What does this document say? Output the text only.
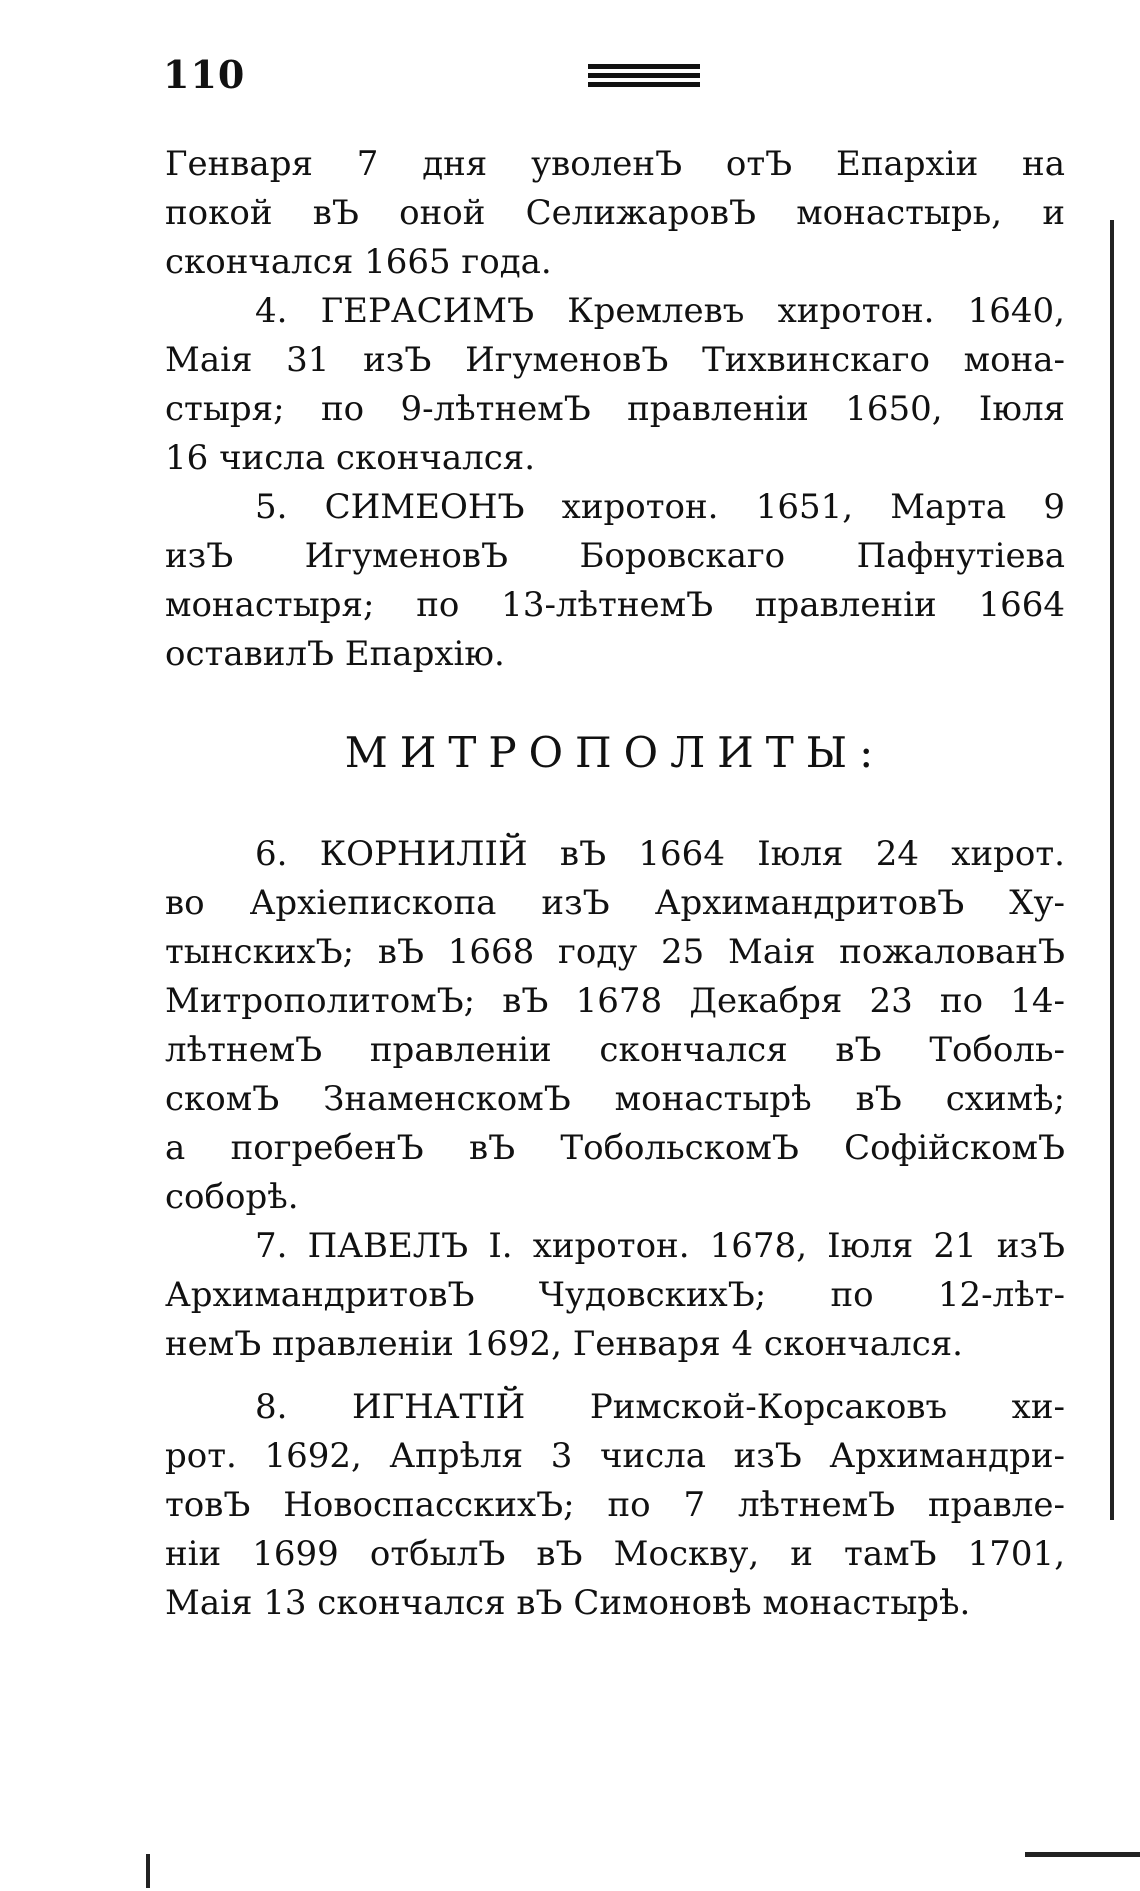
110
Генваря 7 дня уволенЪ отЪ Епархіи на
покой вЪ оной СелижаровЪ монастырь, и
скончался 1665 года.
4. ГЕРАСИМЪ Кремлевъ хиротон. 1640,
Маія 31 изЪ ИгуменовЪ Тихвинскаго мона-
стыря; по 9-лѣтнемЪ правленіи 1650, Іюля
16 числа скончался.
5. СИМЕОНЪ хиротон. 1651, Марта 9
изЪ ИгуменовЪ Боровскаго Пафнутіева
монастыря; по 13-лѣтнемЪ правленіи 1664
оставилЪ Епархію.
МИТРОПОЛИТЫ:
6. КОРНИЛІЙ вЪ 1664 Іюля 24 хирот.
во Архіепископа изЪ АрхимандритовЪ Ху-
тынскихЪ; вЪ 1668 году 25 Маія пожалованЪ
МитрополитомЪ; вЪ 1678 Декабря 23 по 14-
лѣтнемЪ правленіи скончался вЪ Тоболь-
скомЪ ЗнаменскомЪ монастырѣ вЪ схимѣ;
а погребенЪ вЪ ТобольскомЪ СофійскомЪ
соборѣ.
7. ПАВЕЛЪ I. хиротон. 1678, Іюля 21 изЪ
АрхимандритовЪ ЧудовскихЪ; по 12-лѣт-
немЪ правленіи 1692, Генваря 4 скончался.
8. ИГНАТІЙ Римской-Корсаковъ хи-
рот. 1692, Апрѣля 3 числа изЪ Архимандри-
товЪ НовоспасскихЪ; по 7 лѣтнемЪ правле-
ніи 1699 отбылЪ вЪ Москву, и тамЪ 1701,
Маія 13 скончался вЪ Симоновѣ монастырѣ.
